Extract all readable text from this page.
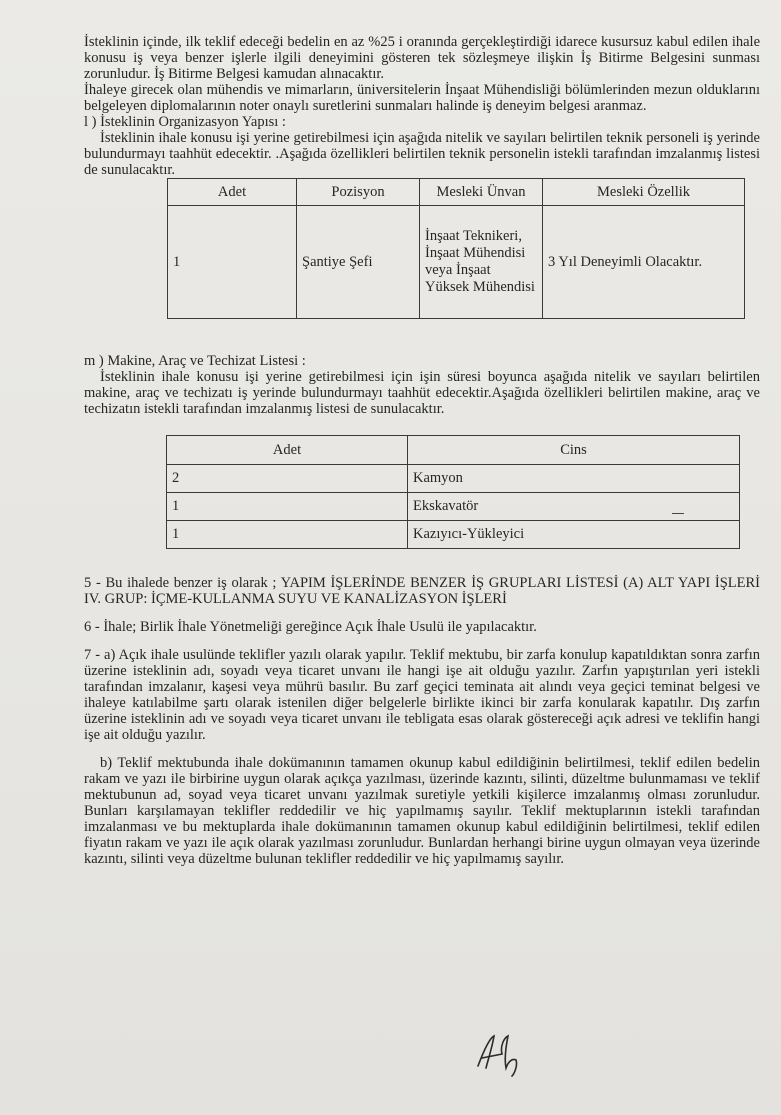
İsteklinin içinde, ilk teklif edeceği bedelin en az %25 i oranında gerçekleştirdiği idarece kusursuz kabul edilen ihale konusu iş veya benzer işlerle ilgili deneyimini gösteren tek sözleşmeye ilişkin İş Bitirme Belgesini sunması zorunludur. İş Bitirme Belgesi kamudan alınacaktır.

İhaleye girecek olan mühendis ve mimarların, üniversitelerin İnşaat Mühendisliği bölümlerinden mezun olduklarını belgeleyen diplomalarının noter onaylı suretlerini sunmaları halinde iş deneyim belgesi aranmaz.

l ) İsteklinin Organizasyon Yapısı :

İsteklinin ihale konusu işi yerine getirebilmesi için aşağıda nitelik ve sayıları belirtilen teknik personeli iş yerinde bulundurmayı taahhüt edecektir. .Aşağıda özellikleri belirtilen teknik personelin istekli tarafından imzalanmış listesi de sunulacaktır.

Adet	Pozisyon	Mesleki Ünvan	Mesleki Özellik
1	Şantiye Şefi	İnşaat Teknikeri, İnşaat Mühendisi veya İnşaat Yüksek Mühendisi	3 Yıl Deneyimli Olacaktır.

m ) Makine, Araç ve Techizat Listesi :

İsteklinin ihale konusu işi yerine getirebilmesi için işin süresi boyunca aşağıda nitelik ve sayıları belirtilen makine, araç ve techizatı iş yerinde bulundurmayı taahhüt edecektir.Aşağıda özellikleri belirtilen makine, araç ve techizatın istekli tarafından imzalanmış listesi de sunulacaktır.

Adet	Cins
2	Kamyon
1	Ekskavatör
1	Kazıyıcı-Yükleyici

5 - Bu ihalede benzer iş olarak ; YAPIM İŞLERİNDE BENZER İŞ GRUPLARI LİSTESİ (A) ALT YAPI İŞLERİ IV. GRUP: İÇME-KULLANMA SUYU VE KANALİZASYON İŞLERİ

6 - İhale; Birlik İhale Yönetmeliği gereğince Açık İhale Usulü ile yapılacaktır.

7 - a) Açık ihale usulünde teklifler yazılı olarak yapılır. Teklif mektubu, bir zarfa konulup kapatıldıktan sonra zarfın üzerine isteklinin adı, soyadı veya ticaret unvanı ile hangi işe ait olduğu yazılır. Zarfın yapıştırılan yeri istekli tarafından imzalanır, kaşesi veya mührü basılır. Bu zarf geçici teminata ait alındı veya geçici teminat belgesi ve ihaleye katılabilme şartı olarak istenilen diğer belgelerle birlikte ikinci bir zarfa konularak kapatılır. Dış zarfın üzerine isteklinin adı ve soyadı veya ticaret unvanı ile tebligata esas olarak göstereceği açık adresi ve teklifin hangi işe ait olduğu yazılır.

b) Teklif mektubunda ihale dokümanının tamamen okunup kabul edildiğinin belirtilmesi, teklif edilen bedelin rakam ve yazı ile birbirine uygun olarak açıkça yazılması, üzerinde kazıntı, silinti, düzeltme bulunmaması ve teklif mektubunun ad, soyad veya ticaret unvanı yazılmak suretiyle yetkili kişilerce imzalanmış olması zorunludur. Bunları karşılamayan teklifler reddedilir ve hiç yapılmamış sayılır. Teklif mektuplarının istekli tarafından imzalanması ve bu mektuplarda ihale dokümanının tamamen okunup kabul edildiğinin belirtilmesi, teklif edilen fiyatın rakam ve yazı ile açık olarak yazılması zorunludur. Bunlardan herhangi birine uygun olmayan veya üzerinde kazıntı, silinti veya düzeltme bulunan teklifler reddedilir ve hiç yapılmamış sayılır.
